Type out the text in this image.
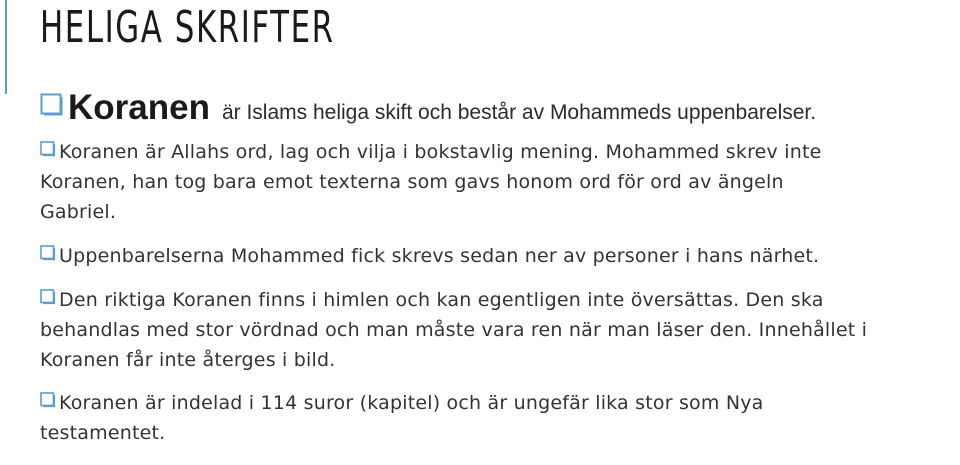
HELIGA SKRIFTER
Koranen är Islams heliga skift och består av Mohammeds uppenbarelser.
Koranen är Allahs ord, lag och vilja i bokstavlig mening. Mohammed skrev inte
Koranen, han tog bara emot texterna som gavs honom ord för ord av ängeln
Gabriel.
Uppenbarelserna Mohammed fick skrevs sedan ner av personer i hans närhet.
Den riktiga Koranen finns i himlen och kan egentligen inte översättas. Den ska
behandlas med stor vördnad och man måste vara ren när man läser den. Innehållet i
Koranen får inte återges i bild.
Koranen är indelad i 114 suror (kapitel) och är ungefär lika stor som Nya
testamentet.
